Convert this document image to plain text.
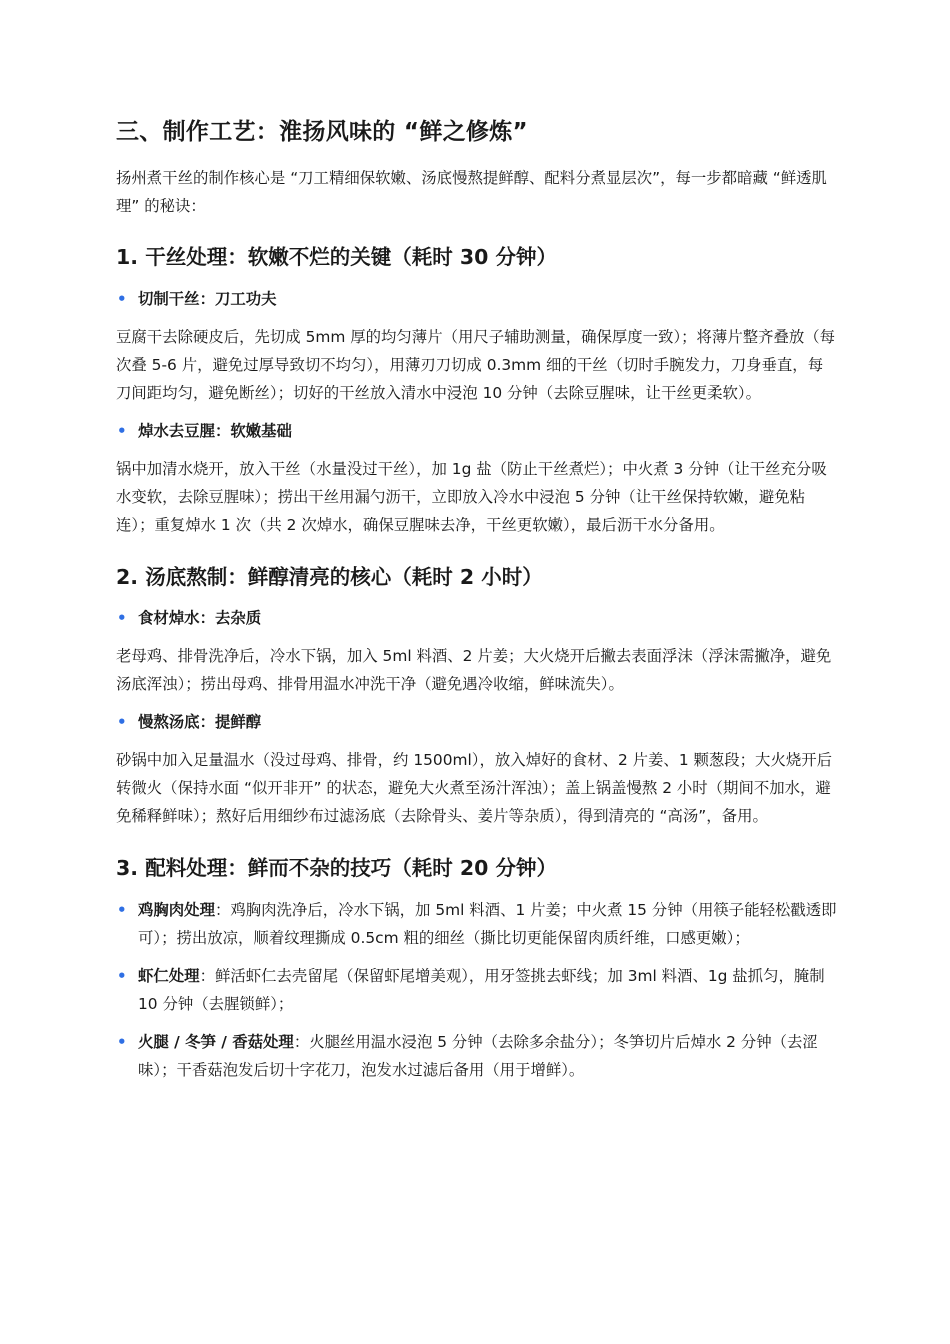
三、制作工艺：淮扬风味的 “鲜之修炼”

扬州煮干丝的制作核心是 “刀工精细保软嫩、汤底慢熬提鲜醇、配料分煮显层次”，每一步都暗藏 “鲜透肌理” 的秘诀：

1. 干丝处理：软嫩不烂的关键（耗时 30 分钟）

• 切制干丝：刀工功夫

豆腐干去除硬皮后，先切成 5mm 厚的均匀薄片（用尺子辅助测量，确保厚度一致）；将薄片整齐叠放（每次叠 5-6 片，避免过厚导致切不均匀），用薄刃刀切成 0.3mm 细的干丝（切时手腕发力，刀身垂直，每刀间距均匀，避免断丝）；切好的干丝放入清水中浸泡 10 分钟（去除豆腥味，让干丝更柔软）。

• 焯水去豆腥：软嫩基础

锅中加清水烧开，放入干丝（水量没过干丝），加 1g 盐（防止干丝煮烂）；中火煮 3 分钟（让干丝充分吸水变软，去除豆腥味）；捞出干丝用漏勺沥干，立即放入冷水中浸泡 5 分钟（让干丝保持软嫩，避免粘连）；重复焯水 1 次（共 2 次焯水，确保豆腥味去净，干丝更软嫩），最后沥干水分备用。

2. 汤底熬制：鲜醇清亮的核心（耗时 2 小时）

• 食材焯水：去杂质

老母鸡、排骨洗净后，冷水下锅，加入 5ml 料酒、2 片姜；大火烧开后撇去表面浮沫（浮沫需撇净，避免汤底浑浊）；捞出母鸡、排骨用温水冲洗干净（避免遇冷收缩，鲜味流失）。

• 慢熬汤底：提鲜醇

砂锅中加入足量温水（没过母鸡、排骨，约 1500ml），放入焯好的食材、2 片姜、1 颗葱段；大火烧开后转微火（保持水面 “似开非开” 的状态，避免大火煮至汤汁浑浊）；盖上锅盖慢熬 2 小时（期间不加水，避免稀释鲜味）；熬好后用细纱布过滤汤底（去除骨头、姜片等杂质），得到清亮的 “高汤”，备用。

3. 配料处理：鲜而不杂的技巧（耗时 20 分钟）

• 鸡胸肉处理：鸡胸肉洗净后，冷水下锅，加 5ml 料酒、1 片姜；中火煮 15 分钟（用筷子能轻松戳透即可）；捞出放凉，顺着纹理撕成 0.5cm 粗的细丝（撕比切更能保留肉质纤维，口感更嫩）；

• 虾仁处理：鲜活虾仁去壳留尾（保留虾尾增美观），用牙签挑去虾线；加 3ml 料酒、1g 盐抓匀，腌制 10 分钟（去腥锁鲜）；

• 火腿 / 冬笋 / 香菇处理：火腿丝用温水浸泡 5 分钟（去除多余盐分）；冬笋切片后焯水 2 分钟（去涩味）；干香菇泡发后切十字花刀，泡发水过滤后备用（用于增鲜）。
